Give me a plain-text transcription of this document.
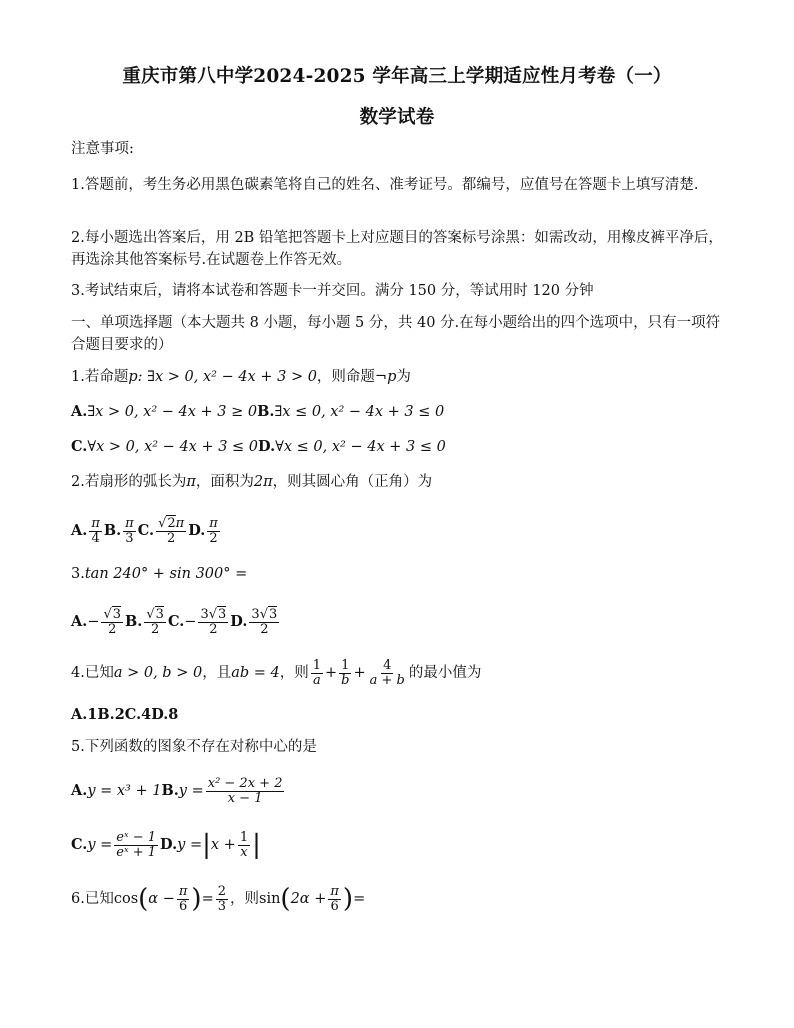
重庆市第八中学2024-2025 学年高三上学期适应性月考卷（一）
数学试卷
注意事项:
1.答题前，考生务必用黑色碳素笔将自己的姓名、准考证号。都编号，应值号在答题卡上填写清楚.
2.每小题选出答案后，用 2B 铅笔把答题卡上对应题目的答案标号涂黑：如需改动，用橡皮裤平净后，再选涂其他答案标号.在试题卷上作答无效。
3.考试结束后，请将本试卷和答题卡一并交回。满分 150 分，等试用时 120 分钟
一、单项选择题（本大题共 8 小题，每小题 5 分，共 40 分.在每小题给出的四个选项中，只有一项符合题目要求的）
1.若命题p: ∃x > 0, x² − 4x + 3 > 0，则命题¬p为
A.∃x > 0, x² − 4x + 3 ≥ 0B.∃x ≤ 0, x² − 4x + 3 ≤ 0
C.∀x > 0, x² − 4x + 3 ≤ 0D.∀x ≤ 0, x² − 4x + 3 ≤ 0
2.若扇形的弧长为π，面积为2π，则其圆心角（正角）为
A. $\frac{\pi}{4} B$. $\frac{\pi}{3} C$. $\frac{√2\pi}{2} D$. $\frac{\pi}{2}$
3.tan 240° + sin 300° =
$A.- \frac{√3}{2} B$. $\frac{√3}{2} C.- \frac{3√3}{2} D$. $\frac{3√3}{2}$
4.已知a > 0, b > 0，且ab = 4，则 $\frac{1}{a} + \frac{1}{b} + \frac{4}{a + b}$ 的最小值为
A.1B.2C.4D.8
5.下列函数的图象不存在对称中心的是
$A.y = x^3 + 1B.y = \frac{\text{x² − 2x + 2}}{x - 1}$
$C.y = \frac{\text{eˣ − 1}}{\text{eˣ + 1}} D.y =|x + \frac{1}{x}$ |
6.已知$\cos(\alpha - \frac{\pi}{6}$ )= $\frac{2}{3}$ ，则$\sin(2\alpha + \frac{\pi}{6}$ )=
